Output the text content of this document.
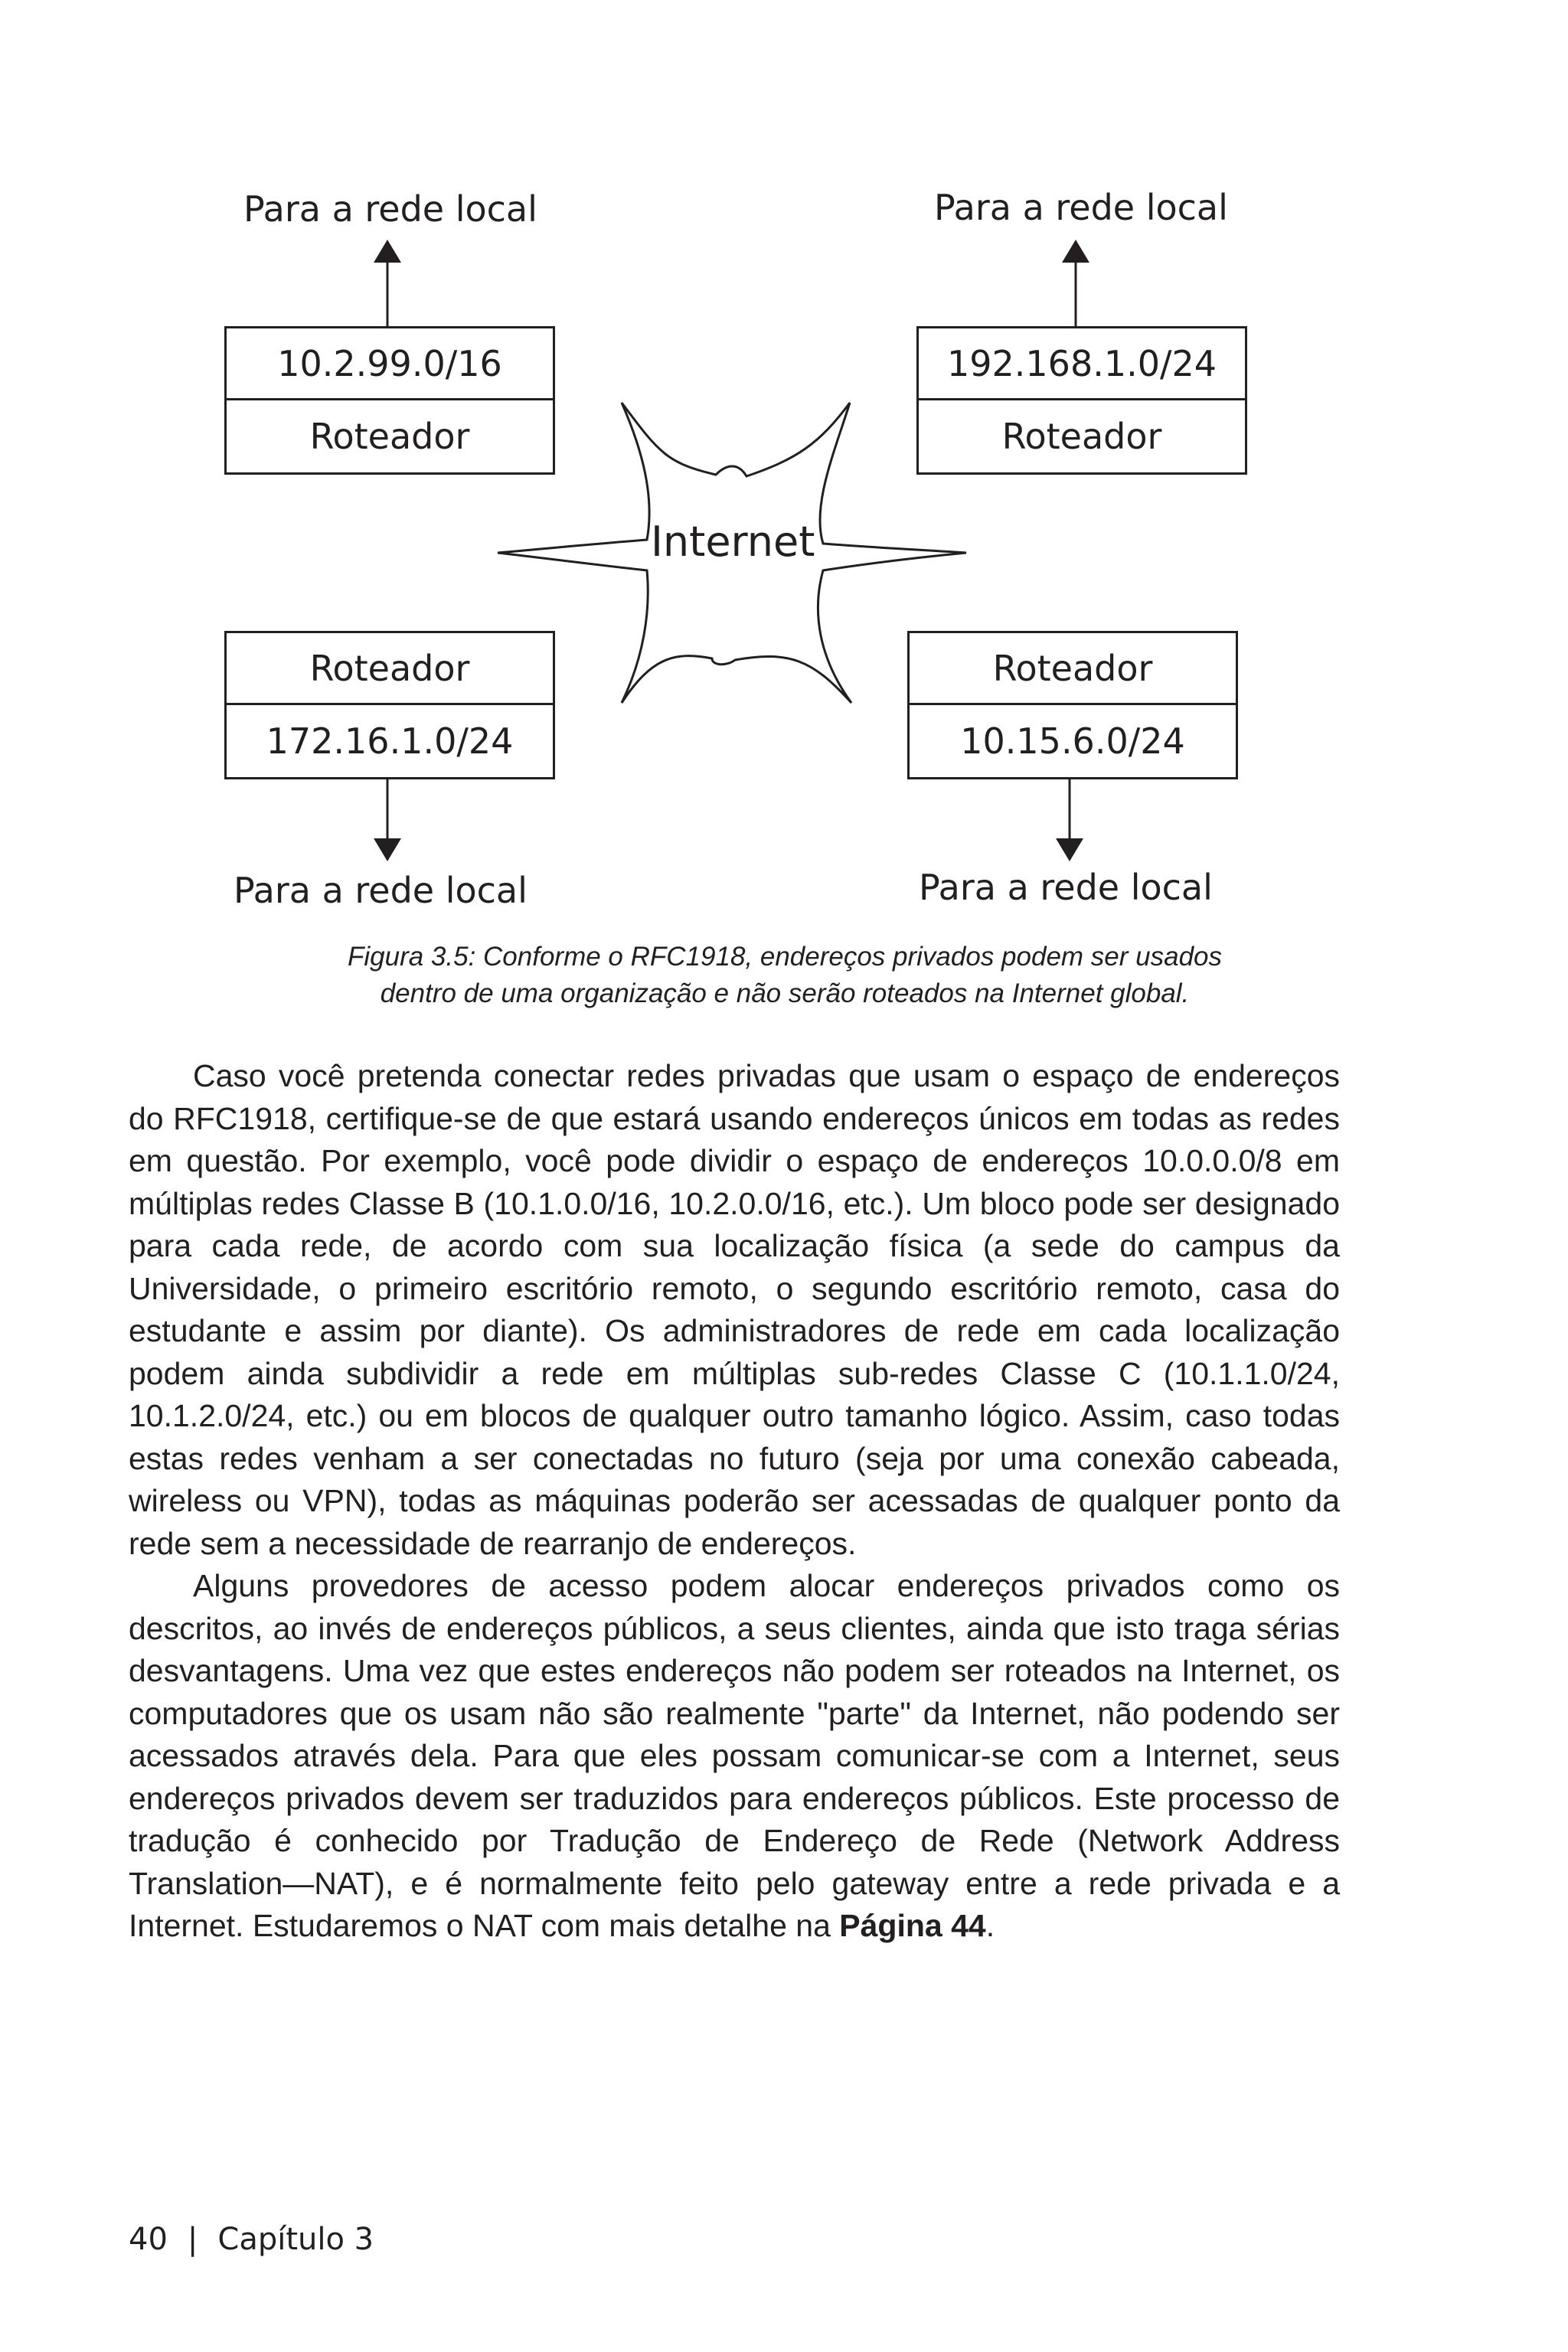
Internet
Para a rede local
10.2.99.0/16
Roteador
Para a rede local
192.168.1.0/24
Roteador
Roteador
172.16.1.0/24
Para a rede local
Roteador
10.15.6.0/24
Para a rede local
Figura 3.5: Conforme o RFC1918, endereços privados podem ser usados
dentro de uma organização e não serão roteados na Internet global.

Caso você pretenda conectar redes privadas que usam o espaço de endereços do RFC1918, certifique-se de que estará usando endereços únicos em todas as redes em questão. Por exemplo, você pode dividir o espaço de endereços 10.0.0.0/8 em múltiplas redes Classe B (10.1.0.0/16, 10.2.0.0/16, etc.). Um bloco pode ser designado para cada rede, de acordo com sua localização física (a sede do campus da Universidade, o primeiro escritório remoto, o segundo escritório remoto, casa do estudante e assim por diante). Os administradores de rede em cada localização podem ainda subdividir a rede em múltiplas sub-redes Classe C (10.1.1.0/24, 10.1.2.0/24, etc.) ou em blocos de qualquer outro tamanho lógico. Assim, caso todas estas redes venham a ser conectadas no futuro (seja por uma conexão cabeada, wireless ou VPN), todas as máquinas poderão ser acessadas de qualquer ponto da rede sem a necessidade de rearranjo de endereços.

Alguns provedores de acesso podem alocar endereços privados como os descritos, ao invés de endereços públicos, a seus clientes, ainda que isto traga sérias desvantagens. Uma vez que estes endereços não podem ser roteados na Internet, os computadores que os usam não são realmente "parte" da Internet, não podendo ser acessados através dela. Para que eles possam comunicar-se com a Internet, seus endereços privados devem ser traduzidos para endereços públicos. Este processo de tradução é conhecido por Tradução de Endereço de Rede (Network Address Translation—NAT), e é normalmente feito pelo gateway entre a rede privada e a Internet. Estudaremos o NAT com mais detalhe na Página 44.

40 | Capítulo 3
